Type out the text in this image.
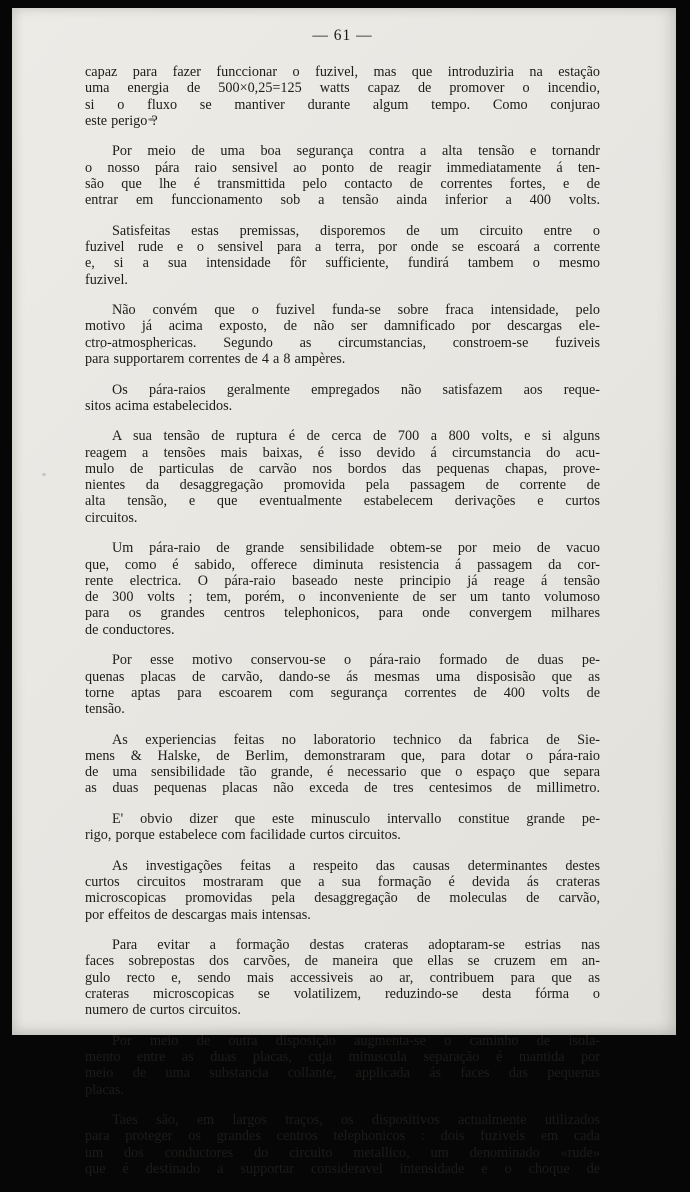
— 61 —

capaz para fazer funccionar o fuzivel, mas que introduziria na estação
uma energia de 500×0,25=125 watts capaz de promover o incendio,
si o fluxo se mantiver durante algum tempo. Como conjurao
este perigo ?

Por meio de uma boa segurança contra a alta tensão e tornandr
o nosso pára raio sensivel ao ponto de reagir immediatamente á ten-
são que lhe é transmittida pelo contacto de correntes fortes, e de
entrar em funccionamento sob a tensão ainda inferior a 400 volts.

Satisfeitas estas premissas, disporemos de um circuito entre o
fuzivel rude e o sensivel para a terra, por onde se escoará a corrente
e, si a sua intensidade fôr sufficiente, fundirá tambem o mesmo
fuzivel.

Não convém que o fuzivel funda-se sobre fraca intensidade, pelo
motivo já acima exposto, de não ser damnificado por descargas ele-
ctro-atmosphericas. Segundo as circumstancias, constroem-se fuziveis
para supportarem correntes de 4 a 8 ampères.

Os pára-raios geralmente empregados não satisfazem aos reque-
sitos acima estabelecidos.

A sua tensão de ruptura é de cerca de 700 a 800 volts, e si alguns
reagem a tensões mais baixas, é isso devido á circumstancia do acu-
mulo de particulas de carvão nos bordos das pequenas chapas, prove-
nientes da desaggregação promovida pela passagem de corrente de
alta tensão, e que eventualmente estabelecem derivações e curtos
circuitos.

Um pára-raio de grande sensibilidade obtem-se por meio de vacuo
que, como é sabido, offerece diminuta resistencia á passagem da cor-
rente electrica. O pára-raio baseado neste principio já reage á tensão
de 300 volts ; tem, porém, o inconveniente de ser um tanto volumoso
para os grandes centros telephonicos, para onde convergem milhares
de conductores.

Por esse motivo conservou-se o pára-raio formado de duas pe-
quenas placas de carvão, dando-se ás mesmas uma disposisão que as
torne aptas para escoarem com segurança correntes de 400 volts de
tensão.

As experiencias feitas no laboratorio technico da fabrica de Sie-
mens & Halske, de Berlim, demonstraram que, para dotar o pára-raio
de uma sensibilidade tão grande, é necessario que o espaço que separa
as duas pequenas placas não exceda de tres centesimos de millimetro.

E' obvio dizer que este minusculo intervallo constitue grande pe-
rigo, porque estabelece com facilidade curtos circuitos.

As investigações feitas a respeito das causas determinantes destes
curtos circuitos mostraram que a sua formação é devida ás crateras
microscopicas promovidas pela desaggregação de moleculas de carvão,
por effeitos de descargas mais intensas.

Para evitar a formação destas crateras adoptaram-se estrias nas
faces sobrepostas dos carvões, de maneira que ellas se cruzem em an-
gulo recto e, sendo mais accessiveis ao ar, contribuem para que as
crateras microscopicas se volatilizem, reduzindo-se desta fórma o
numero de curtos circuitos.

Por meio de outra disposição augmenta-se o caminho de isola-
mento entre as duas placas, cuja minuscula separação é mantida por
meio de uma substancia collante, applicada ás faces das pequenas
placas.

Taes são, em largos traços, os dispositivos actualmente utilizados
para proteger os grandes centros telephonicos : dois fuziveis em cada
um dos conductores do circuito metallico, um denominado «rude»
que é destinado a supportar consideravel intensidade e o choque de
